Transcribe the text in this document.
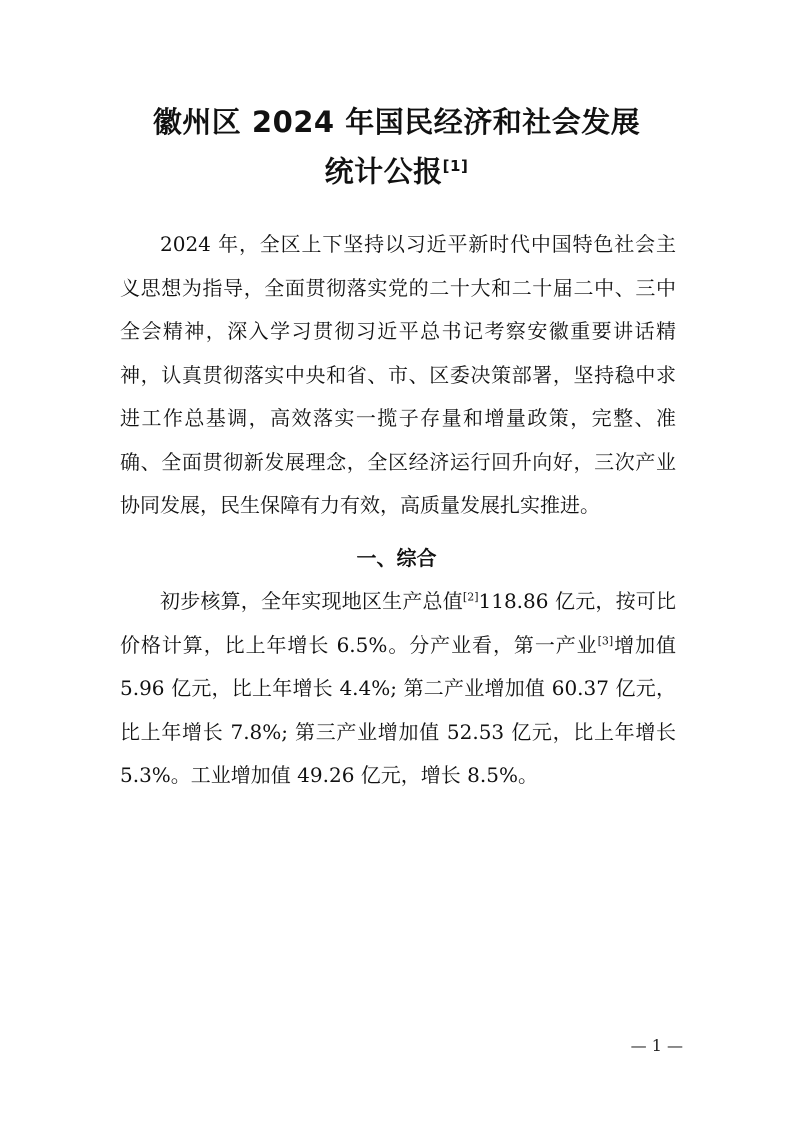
徽州区 2024 年国民经济和社会发展
统计公报[1]

2024 年，全区上下坚持以习近平新时代中国特色社会主义思想为指导，全面贯彻落实党的二十大和二十届二中、三中全会精神，深入学习贯彻习近平总书记考察安徽重要讲话精神，认真贯彻落实中央和省、市、区委决策部署，坚持稳中求进工作总基调，高效落实一揽子存量和增量政策，完整、准确、全面贯彻新发展理念，全区经济运行回升向好，三次产业协同发展，民生保障有力有效，高质量发展扎实推进。

一、综合

初步核算，全年实现地区生产总值[2]118.86 亿元，按可比价格计算，比上年增长 6.5%。分产业看，第一产业[3]增加值 5.96 亿元，比上年增长 4.4%; 第二产业增加值 60.37 亿元，比上年增长 7.8%; 第三产业增加值 52.53 亿元，比上年增长 5.3%。工业增加值 49.26 亿元，增长 8.5%。

— 1 —
